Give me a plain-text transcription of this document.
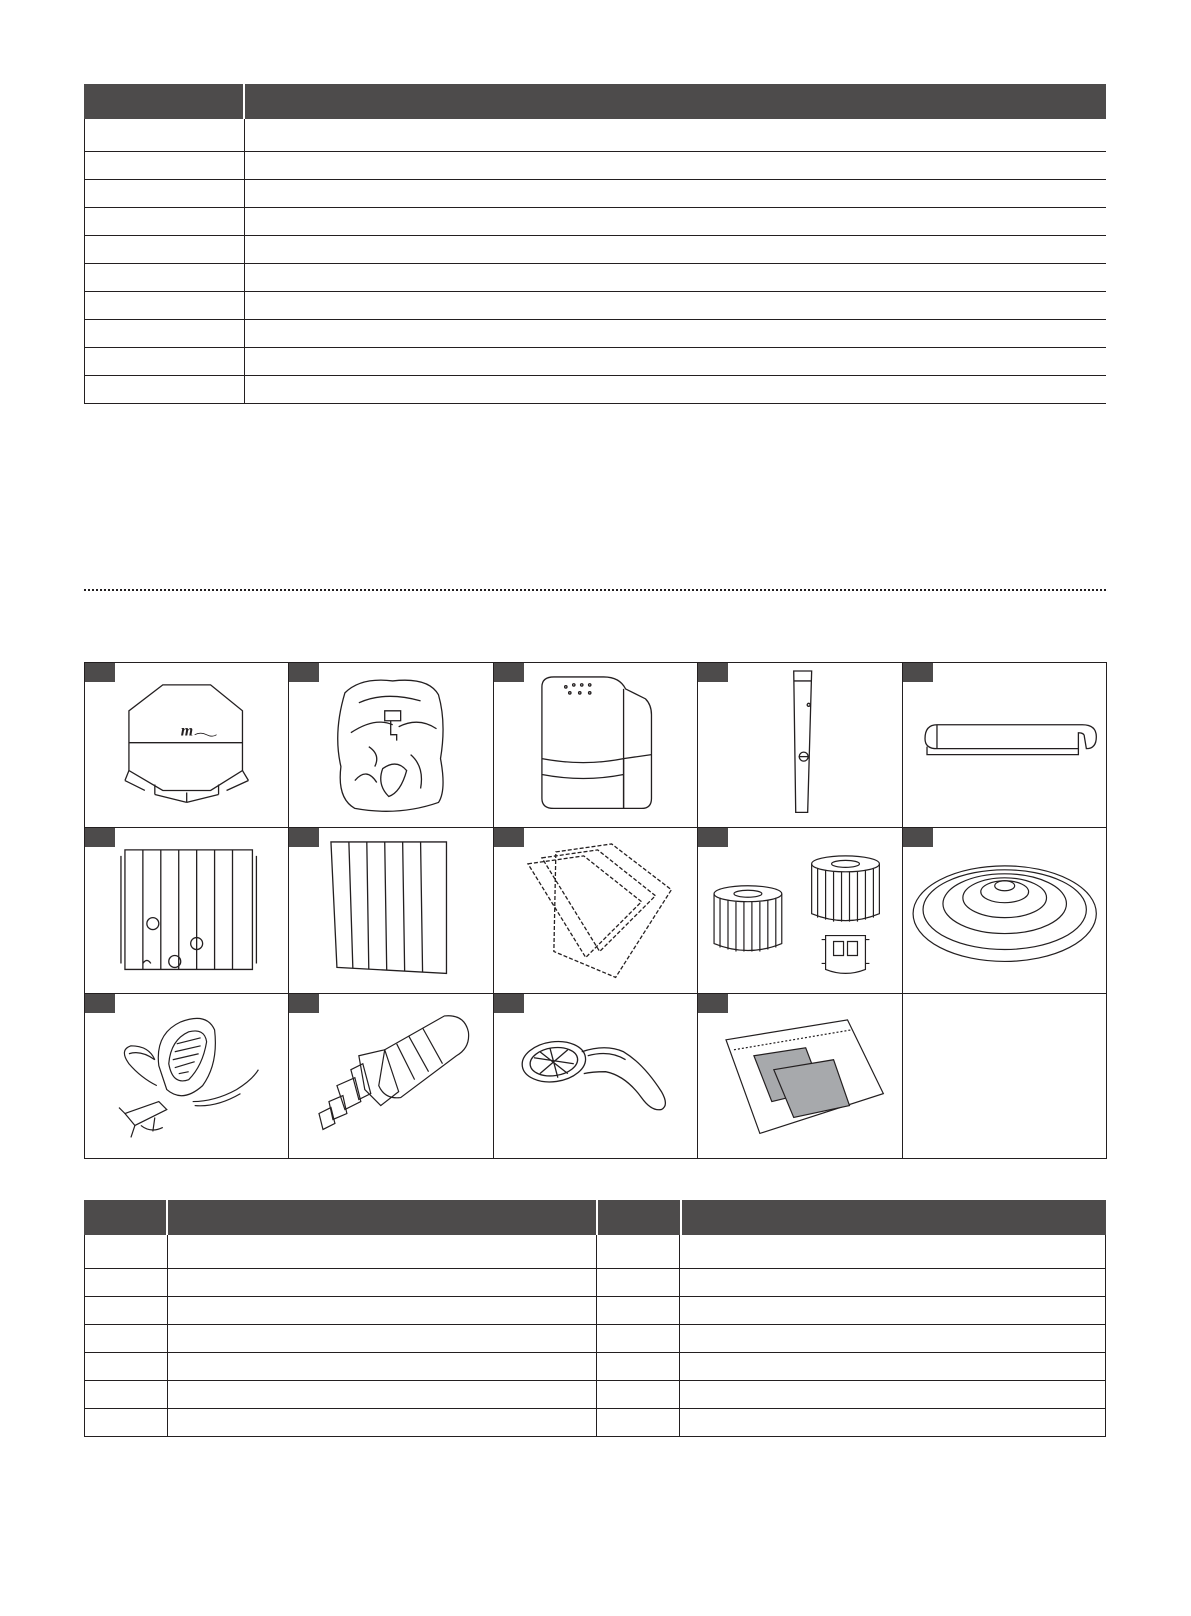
m
